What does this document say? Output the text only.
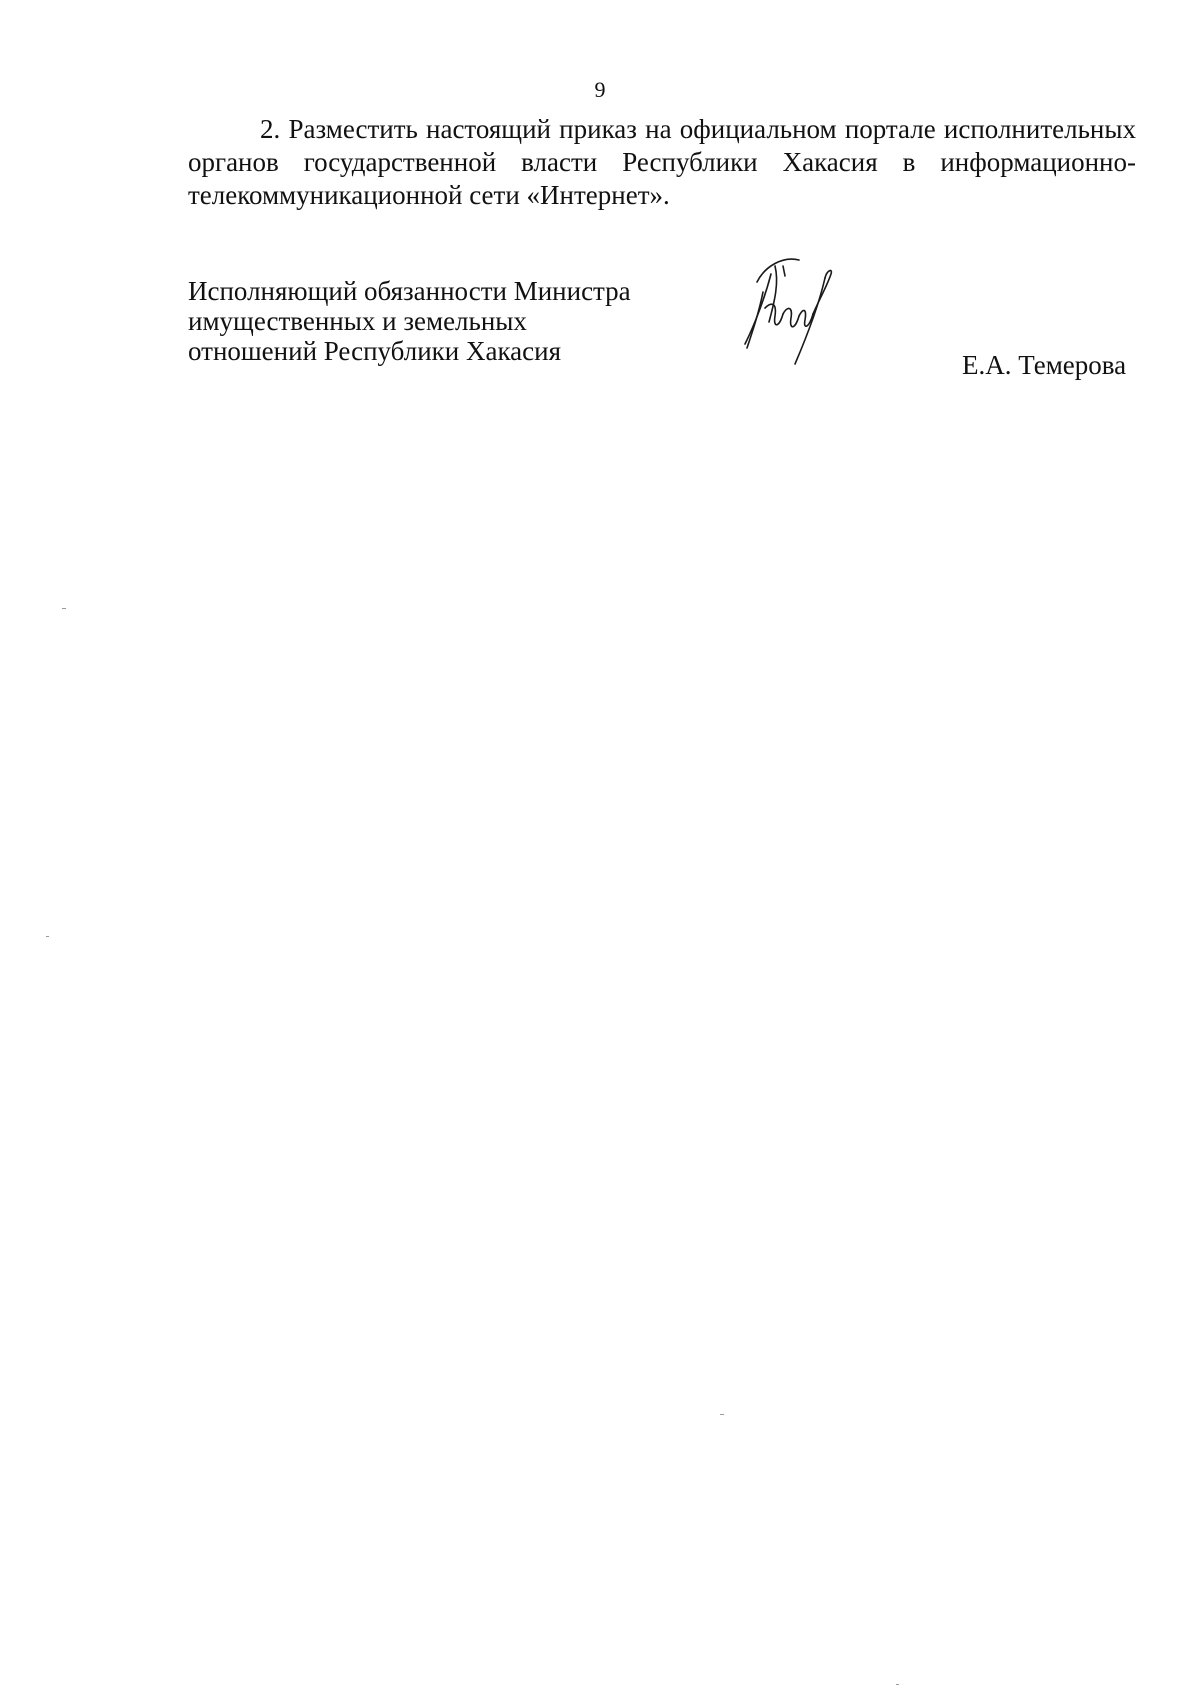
9

2. Разместить настоящий приказ на официальном портале исполнительных органов государственной власти Республики Хакасия в информационно-телекоммуникационной сети «Интернет».

Исполняющий обязанности Министра
имущественных и земельных
отношений Республики Хакасия	Е.А. Темерова
